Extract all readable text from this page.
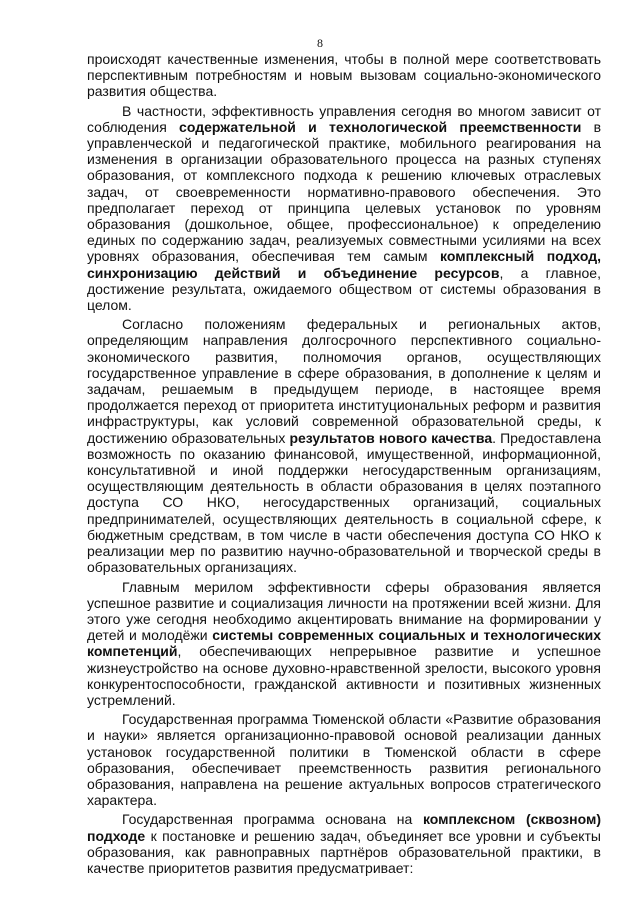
8

происходят качественные изменения, чтобы в полной мере соответствовать перспективным потребностям и новым вызовам социально-экономического развития общества.

В частности, эффективность управления сегодня во многом зависит от соблюдения содержательной и технологической преемственности в управленческой и педагогической практике, мобильного реагирования на изменения в организации образовательного процесса на разных ступенях образования, от комплексного подхода к решению ключевых отраслевых задач, от своевременности нормативно-правового обеспечения. Это предполагает переход от принципа целевых установок по уровням образования (дошкольное, общее, профессиональное) к определению единых по содержанию задач, реализуемых совместными усилиями на всех уровнях образования, обеспечивая тем самым комплексный подход, синхронизацию действий и объединение ресурсов, а главное, достижение результата, ожидаемого обществом от системы образования в целом.

Согласно положениям федеральных и региональных актов, определяющим направления долгосрочного перспективного социально-экономического развития, полномочия органов, осуществляющих государственное управление в сфере образования, в дополнение к целям и задачам, решаемым в предыдущем периоде, в настоящее время продолжается переход от приоритета институциональных реформ и развития инфраструктуры, как условий современной образовательной среды, к достижению образовательных результатов нового качества. Предоставлена возможность по оказанию финансовой, имущественной, информационной, консультативной и иной поддержки негосударственным организациям, осуществляющим деятельность в области образования в целях поэтапного доступа СО НКО, негосударственных организаций, социальных предпринимателей, осуществляющих деятельность в социальной сфере, к бюджетным средствам, в том числе в части обеспечения доступа СО НКО к реализации мер по развитию научно-образовательной и творческой среды в образовательных организациях.

Главным мерилом эффективности сферы образования является успешное развитие и социализация личности на протяжении всей жизни. Для этого уже сегодня необходимо акцентировать внимание на формировании у детей и молодёжи системы современных социальных и технологических компетенций, обеспечивающих непрерывное развитие и успешное жизнеустройство на основе духовно-нравственной зрелости, высокого уровня конкурентоспособности, гражданской активности и позитивных жизненных устремлений.

Государственная программа Тюменской области «Развитие образования и науки» является организационно-правовой основой реализации данных установок государственной политики в Тюменской области в сфере образования, обеспечивает преемственность развития регионального образования, направлена на решение актуальных вопросов стратегического характера.

Государственная программа основана на комплексном (сквозном) подходе к постановке и решению задач, объединяет все уровни и субъекты образования, как равноправных партнёров образовательной практики, в качестве приоритетов развития предусматривает:
